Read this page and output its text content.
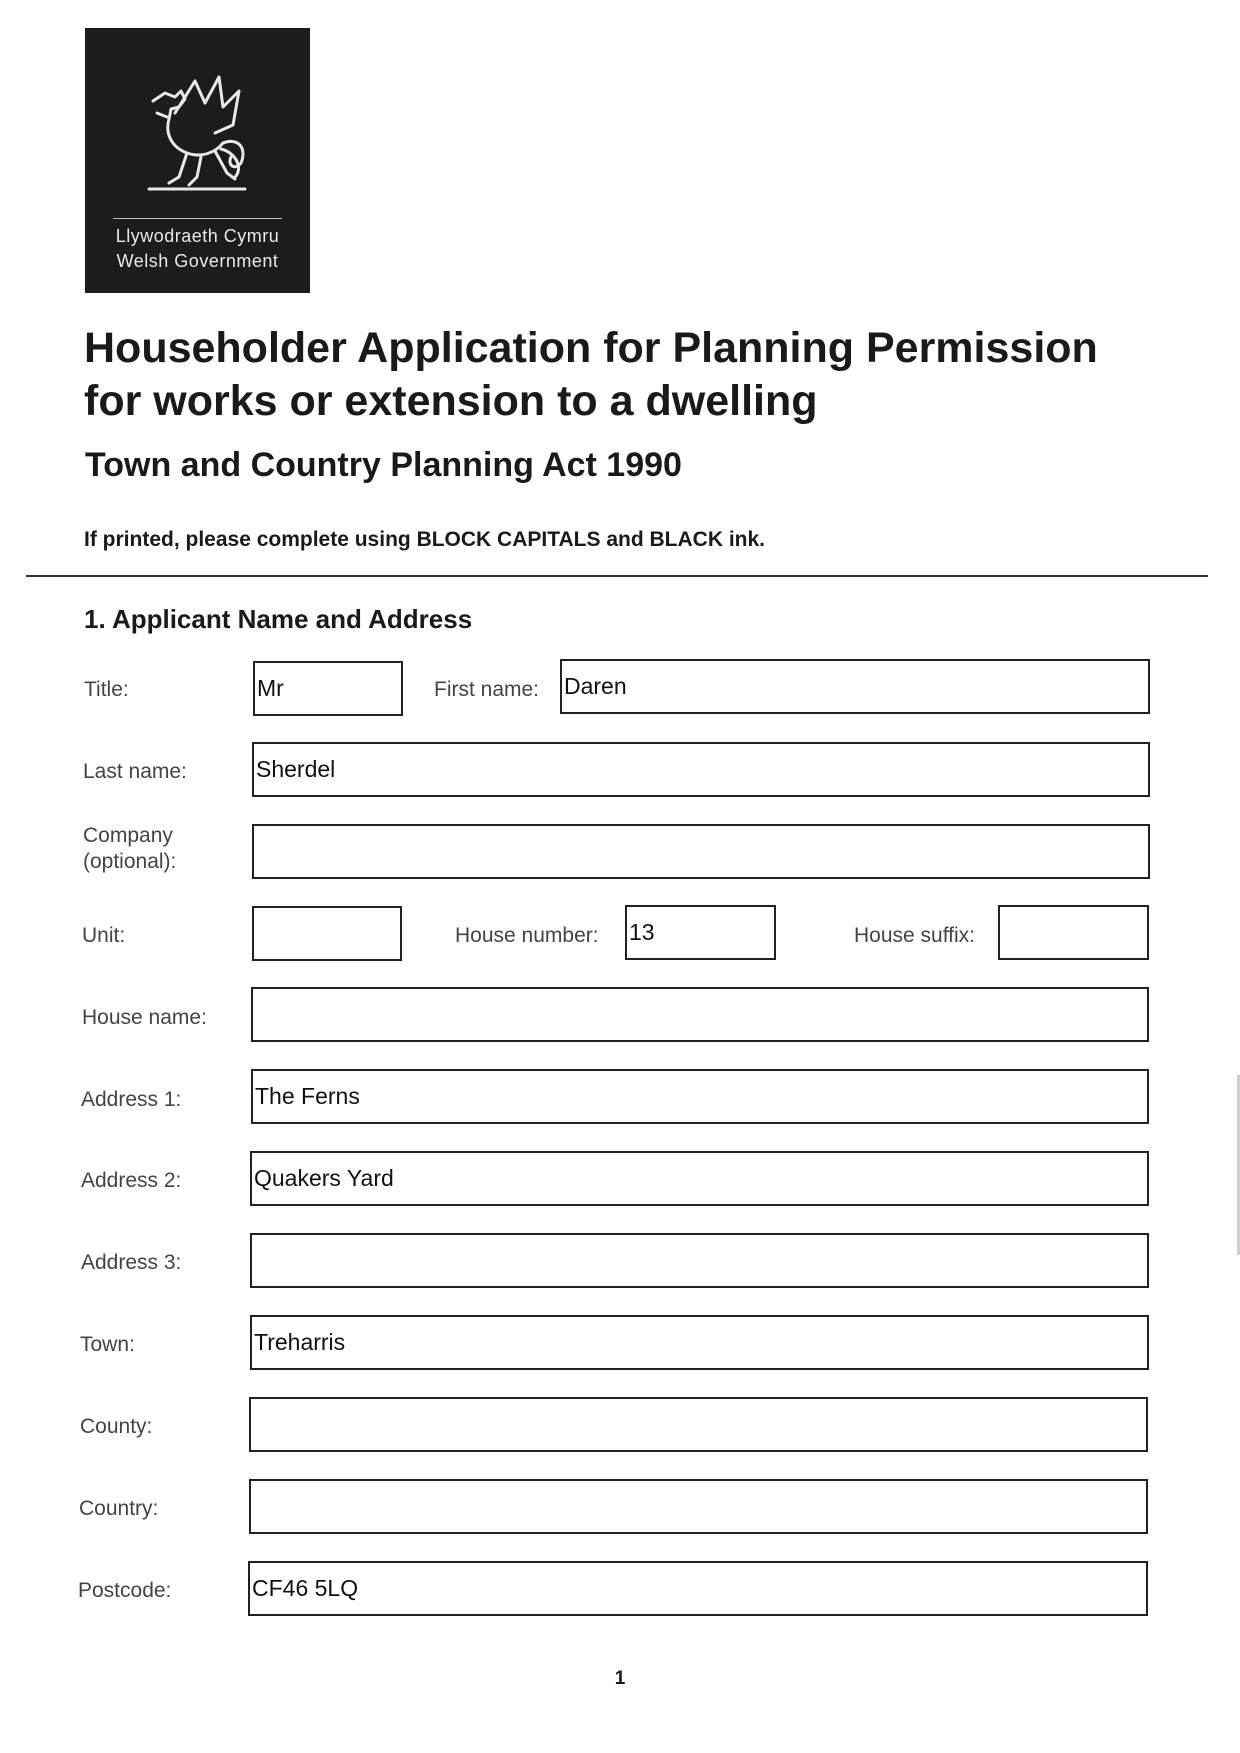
Llywodraeth Cymru
Welsh Government
Householder Application for Planning Permission
for works or extension to a dwelling
Town and Country Planning Act 1990
If printed, please complete using BLOCK CAPITALS and BLACK ink.
1. Applicant Name and Address
Title:	Mr	First name: Daren
Last name:	Sherdel
Company
(optional):
Unit:	House number: 13	House suffix:
House name:
Address 1:	The Ferns
Address 2:	Quakers Yard
Address 3:
Town:	Treharris
County:
Country:
Postcode:	CF46 5LQ
1
